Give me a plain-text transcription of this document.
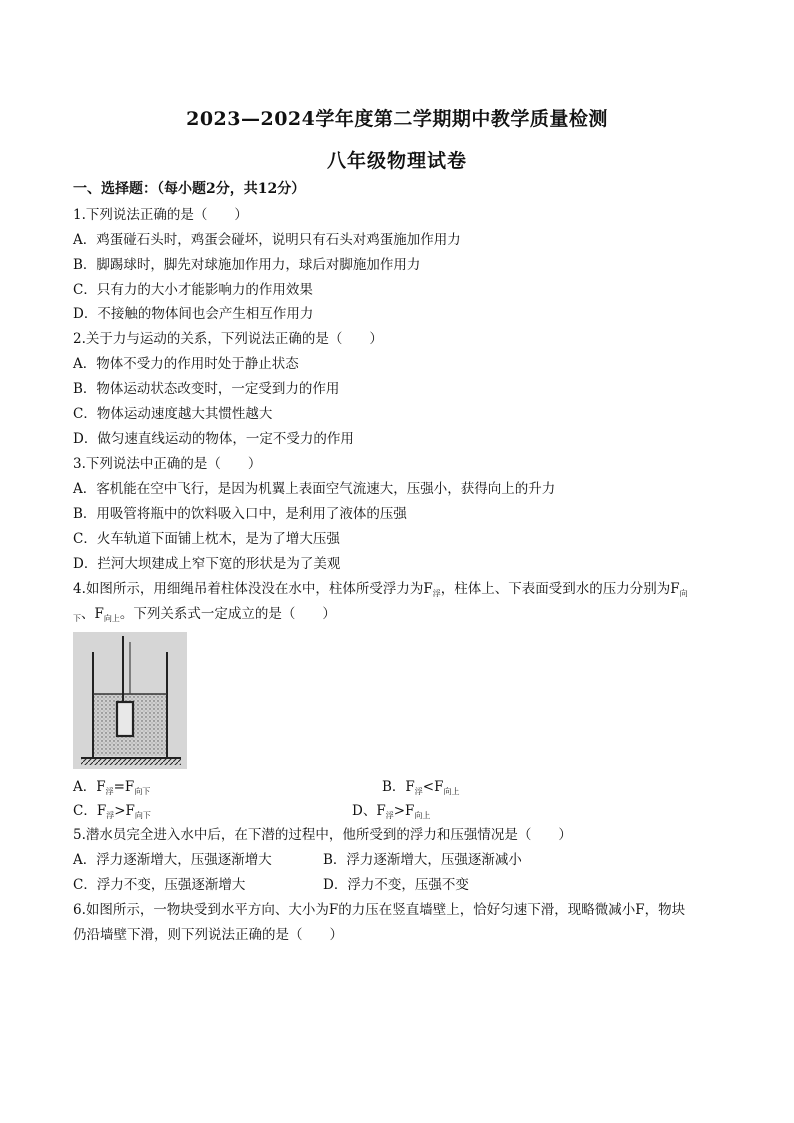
2023—2024学年度第二学期期中教学质量检测
八年级物理试卷
一、选择题：（每小题2分，共12分）
1.下列说法正确的是（　　）
A．鸡蛋碰石头时，鸡蛋会碰坏，说明只有石头对鸡蛋施加作用力
B．脚踢球时，脚先对球施加作用力，球后对脚施加作用力
C．只有力的大小才能影响力的作用效果
D．不接触的物体间也会产生相互作用力
2.关于力与运动的关系，下列说法正确的是（　　）
A．物体不受力的作用时处于静止状态
B．物体运动状态改变时，一定受到力的作用
C．物体运动速度越大其惯性越大
D．做匀速直线运动的物体，一定不受力的作用
3.下列说法中正确的是（　　）
A．客机能在空中飞行，是因为机翼上表面空气流速大，压强小，获得向上的升力
B．用吸管将瓶中的饮料吸入口中，是利用了液体的压强
C．火车轨道下面铺上枕木，是为了增大压强
D．拦河大坝建成上窄下宽的形状是为了美观
4.如图所示，用细绳吊着柱体没没在水中，柱体所受浮力为$F_浮$，柱体上、下表面受到水的压力分别为$F_向$
$_下$、$F_{向上}$。下列关系式一定成立的是（　　）
A．$F_浮=F_{向下}$	B．$F_浮<F_{向上}$
C．$F_浮>F_{向下}$	D、$F_浮>F_{向上}$
5.潜水员完全进入水中后，在下潜的过程中，他所受到的浮力和压强情况是（　　）
A．浮力逐渐增大，压强逐渐增大	B．浮力逐渐增大，压强逐渐减小
C．浮力不变，压强逐渐增大	D．浮力不变，压强不变
6.如图所示，一物块受到水平方向、大小为F的力压在竖直墙壁上，恰好匀速下滑，现略微减小F，物块
仍沿墙壁下滑，则下列说法正确的是（　　）
